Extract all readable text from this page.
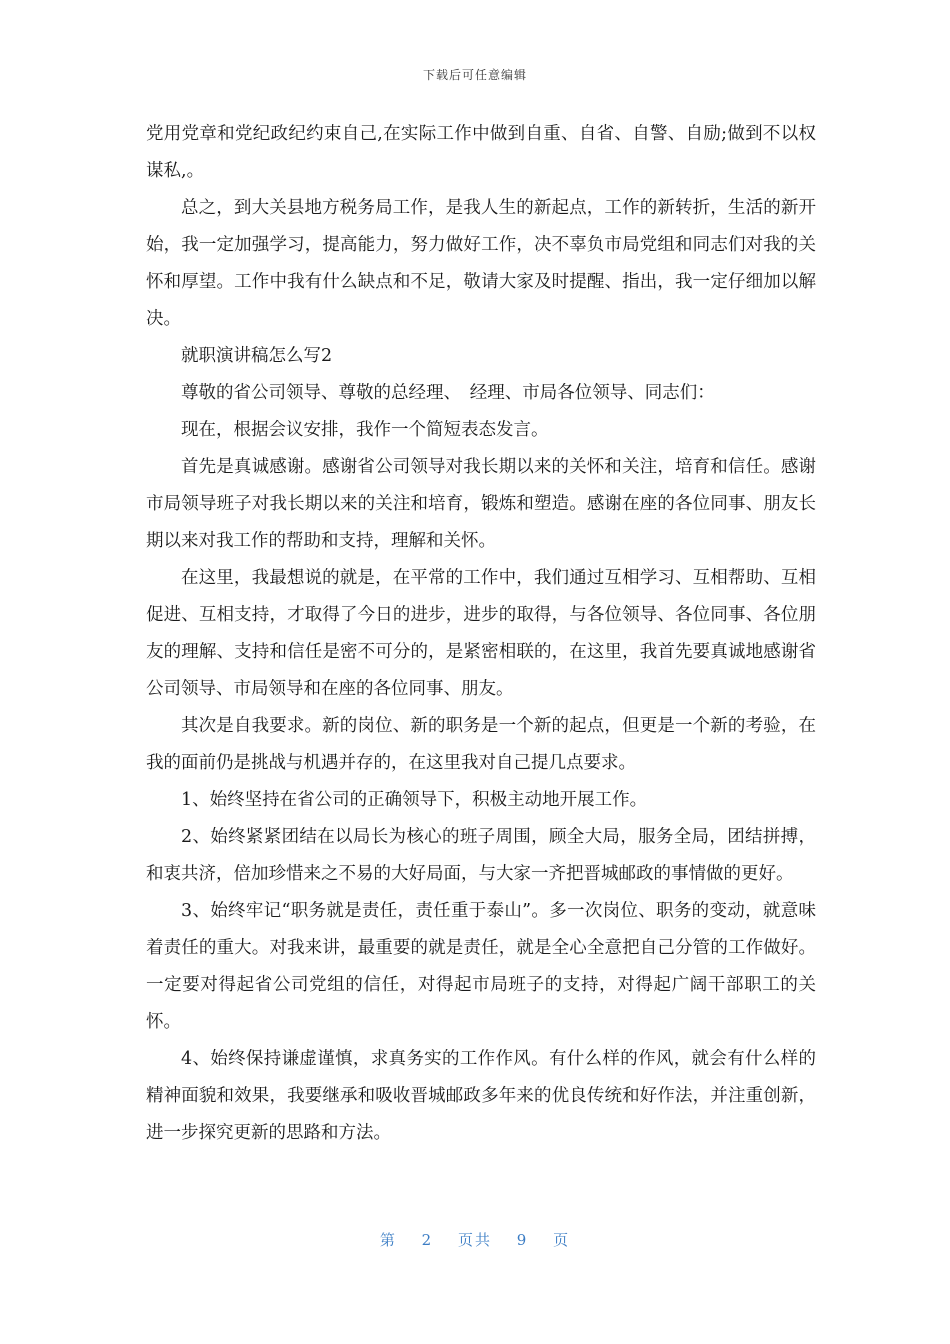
下载后可任意编辑

党用党章和党纪政纪约束自己,在实际工作中做到自重、自省、自警、自励;做到不以权谋私,。

总之，到大关县地方税务局工作，是我人生的新起点，工作的新转折，生活的新开始，我一定加强学习，提高能力，努力做好工作，决不辜负市局党组和同志们对我的关怀和厚望。工作中我有什么缺点和不足，敬请大家及时提醒、指出，我一定仔细加以解决。

就职演讲稿怎么写2

尊敬的省公司领导、尊敬的总经理、　经理、市局各位领导、同志们：

现在，根据会议安排，我作一个简短表态发言。

首先是真诚感谢。感谢省公司领导对我长期以来的关怀和关注，培育和信任。感谢市局领导班子对我长期以来的关注和培育，锻炼和塑造。感谢在座的各位同事、朋友长期以来对我工作的帮助和支持，理解和关怀。

在这里，我最想说的就是，在平常的工作中，我们通过互相学习、互相帮助、互相促进、互相支持，才取得了今日的进步，进步的取得，与各位领导、各位同事、各位朋友的理解、支持和信任是密不可分的，是紧密相联的，在这里，我首先要真诚地感谢省公司领导、市局领导和在座的各位同事、朋友。

其次是自我要求。新的岗位、新的职务是一个新的起点，但更是一个新的考验，在我的面前仍是挑战与机遇并存的，在这里我对自己提几点要求。

1、始终坚持在省公司的正确领导下，积极主动地开展工作。

2、始终紧紧团结在以局长为核心的班子周围，顾全大局，服务全局，团结拼搏，和衷共济，倍加珍惜来之不易的大好局面，与大家一齐把晋城邮政的事情做的更好。

3、始终牢记“职务就是责任，责任重于泰山”。多一次岗位、职务的变动，就意味着责任的重大。对我来讲，最重要的就是责任，就是全心全意把自己分管的工作做好。一定要对得起省公司党组的信任，对得起市局班子的支持，对得起广阔干部职工的关怀。

4、始终保持谦虚谨慎，求真务实的工作作风。有什么样的作风，就会有什么样的精神面貌和效果，我要继承和吸收晋城邮政多年来的优良传统和好作法，并注重创新，进一步探究更新的思路和方法。

第 2 页共 9 页
